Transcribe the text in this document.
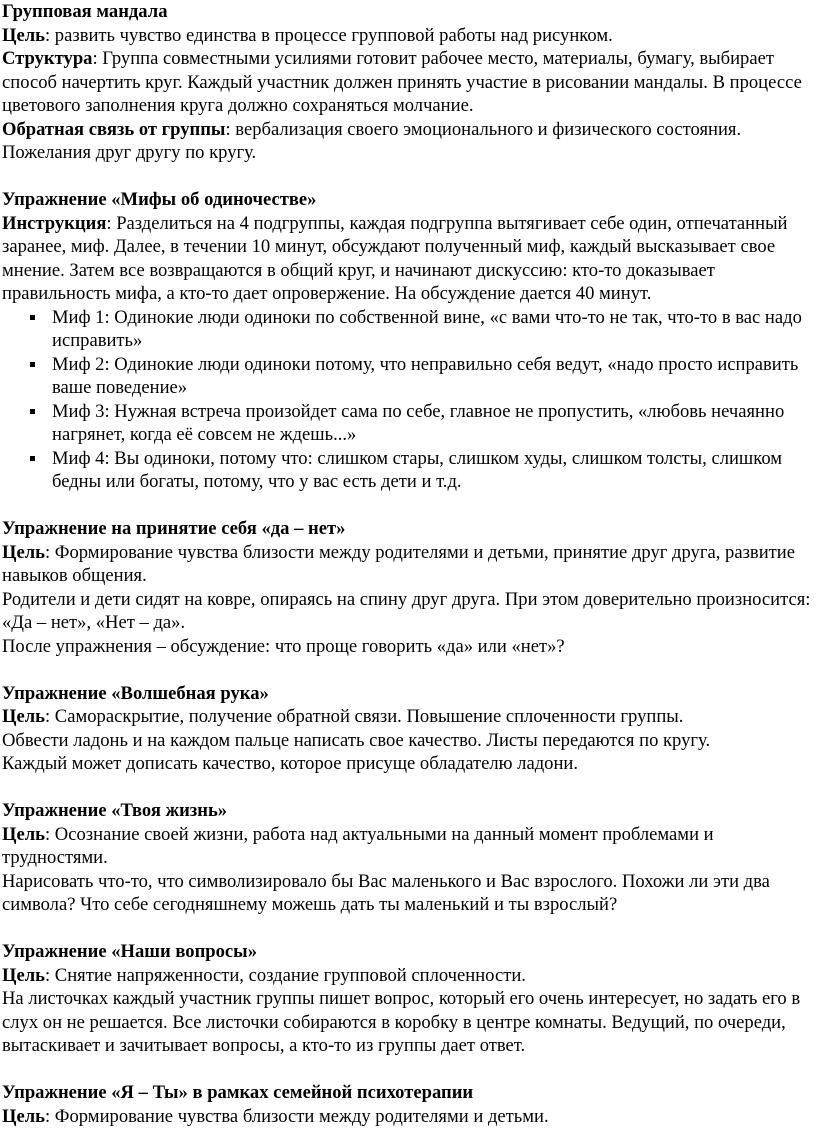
Групповая мандала

Цель: развить чувство единства в процессе групповой работы над рисунком.

Структура: Группа совместными усилиями готовит рабочее место, материалы, бумагу, выбирает способ начертить круг. Каждый участник должен принять участие в рисовании мандалы. В процессе цветового заполнения круга должно сохраняться молчание.

Обратная связь от группы: вербализация своего эмоционального и физического состояния. Пожелания друг другу по кругу.

Упражнение «Мифы об одиночестве»

Инструкция: Разделиться на 4 подгруппы, каждая подгруппа вытягивает себе один, отпечатанный заранее, миф. Далее, в течении 10 минут, обсуждают полученный миф, каждый высказывает свое мнение. Затем все возвращаются в общий круг, и начинают дискуссию: кто-то доказывает правильность мифа, а кто-то дает опровержение. На обсуждение дается 40 минут.

Миф 1: Одинокие люди одиноки по собственной вине, «с вами что-то не так, что-то в вас надо исправить»
Миф 2: Одинокие люди одиноки потому, что неправильно себя ведут, «надо просто исправить ваше поведение»
Миф 3: Нужная встреча произойдет сама по себе, главное не пропустить, «любовь нечаянно нагрянет, когда её совсем не ждешь...»
Миф 4: Вы одиноки, потому что: слишком стары, слишком худы, слишком толсты, слишком бедны или богаты, потому, что у вас есть дети и т.д.

Упражнение на принятие себя «да – нет»

Цель: Формирование чувства близости между родителями и детьми, принятие друг друга, развитие навыков общения.

Родители и дети сидят на ковре, опираясь на спину друг друга. При этом доверительно произносится: «Да – нет», «Нет – да».

После упражнения – обсуждение: что проще говорить «да» или «нет»?

Упражнение «Волшебная рука»

Цель: Самораскрытие, получение обратной связи. Повышение сплоченности группы.

Обвести ладонь и на каждом пальце написать свое качество. Листы передаются по кругу.

Каждый может дописать качество, которое присуще обладателю ладони.

Упражнение «Твоя жизнь»

Цель: Осознание своей жизни, работа над актуальными на данный момент проблемами и трудностями.

Нарисовать что-то, что символизировало бы Вас маленького и Вас взрослого. Похожи ли эти два символа? Что себе сегодняшнему можешь дать ты маленький и ты взрослый?

Упражнение «Наши вопросы»

Цель: Снятие напряженности, создание групповой сплоченности.

На листочках каждый участник группы пишет вопрос, который его очень интересует, но задать его в слух он не решается. Все листочки собираются в коробку в центре комнаты. Ведущий, по очереди, вытаскивает и зачитывает вопросы, а кто-то из группы дает ответ.

Упражнение «Я – Ты» в рамках семейной психотерапии

Цель: Формирование чувства близости между родителями и детьми.
